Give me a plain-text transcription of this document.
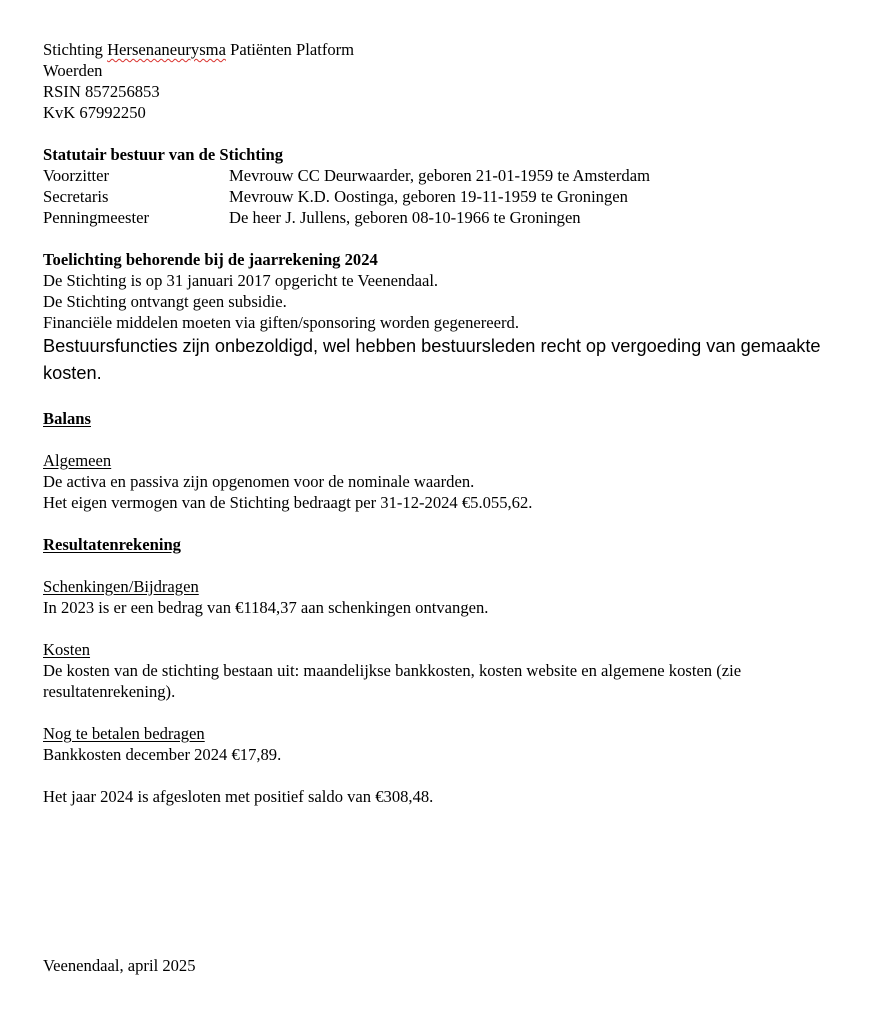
Stichting Hersenaneurysma Patiënten Platform
Woerden
RSIN 857256853
KvK 67992250
Statutair bestuur van de Stichting
Voorzitter	Mevrouw CC Deurwaarder, geboren 21-01-1959 te Amsterdam
Secretaris	Mevrouw K.D. Oostinga, geboren 19-11-1959 te Groningen
Penningmeester	De heer J. Jullens, geboren 08-10-1966 te Groningen
Toelichting behorende bij de jaarrekening 2024
De Stichting is op 31 januari 2017 opgericht te Veenendaal.
De Stichting ontvangt geen subsidie.
Financiële middelen moeten via giften/sponsoring worden gegenereerd.
Bestuursfuncties zijn onbezoldigd, wel hebben bestuursleden recht op vergoeding van gemaakte kosten.
Balans
Algemeen
De activa en passiva zijn opgenomen voor de nominale waarden.
Het eigen vermogen van de Stichting bedraagt per 31-12-2024 €5.055,62.
Resultatenrekening
Schenkingen/Bijdragen
In 2023 is er een bedrag van €1184,37 aan schenkingen ontvangen.
Kosten
De kosten van de stichting bestaan uit: maandelijkse bankkosten, kosten website en algemene kosten (zie resultatenrekening).
Nog te betalen bedragen
Bankkosten december 2024 €17,89.
Het jaar 2024 is afgesloten met positief saldo van €308,48.
Veenendaal, april 2025
